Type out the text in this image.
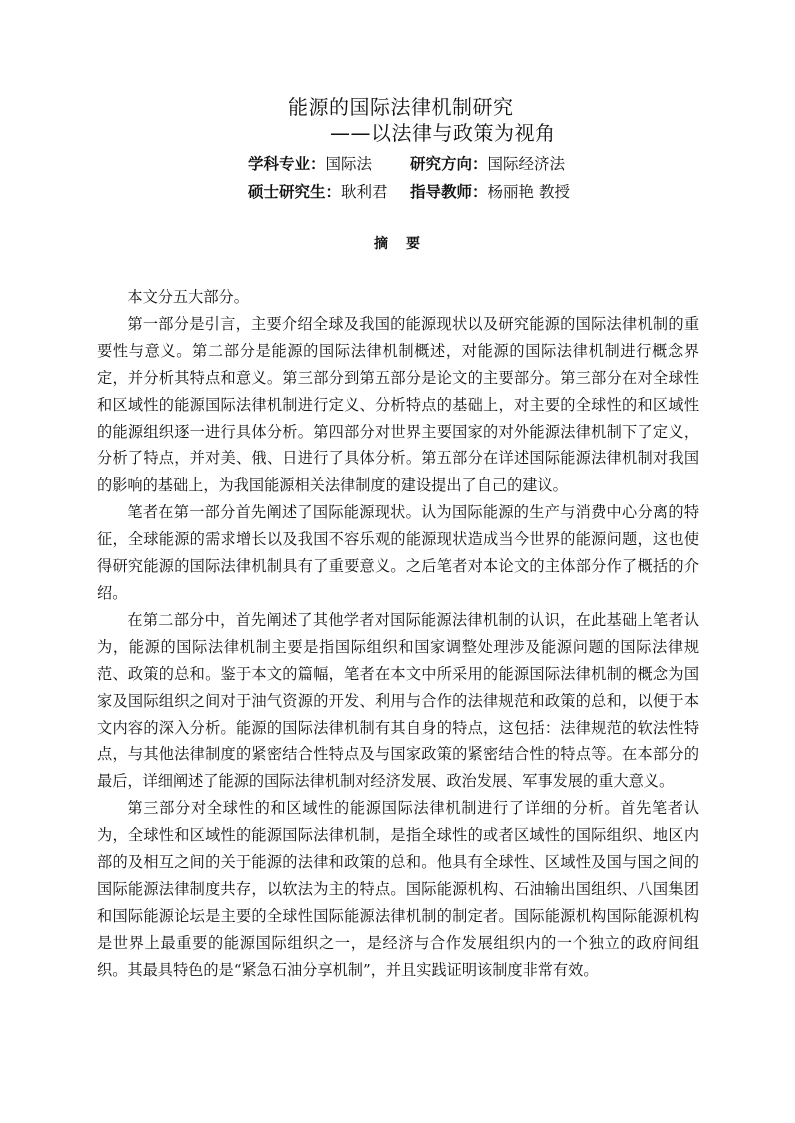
能源的国际法律机制研究
——以法律与政策为视角
学科专业：国际法 研究方向：国际经济法
硕士研究生：耿利君 指导教师：杨丽艳 教授
摘要

本文分五大部分。

第一部分是引言，主要介绍全球及我国的能源现状以及研究能源的国际法律机制的重要性与意义。第二部分是能源的国际法律机制概述，对能源的国际法律机制进行概念界定，并分析其特点和意义。第三部分到第五部分是论文的主要部分。第三部分在对全球性和区域性的能源国际法律机制进行定义、分析特点的基础上，对主要的全球性的和区域性的能源组织逐一进行具体分析。第四部分对世界主要国家的对外能源法律机制下了定义，分析了特点，并对美、俄、日进行了具体分析。第五部分在详述国际能源法律机制对我国的影响的基础上，为我国能源相关法律制度的建设提出了自己的建议。

笔者在第一部分首先阐述了国际能源现状。认为国际能源的生产与消费中心分离的特征，全球能源的需求增长以及我国不容乐观的能源现状造成当今世界的能源问题，这也使得研究能源的国际法律机制具有了重要意义。之后笔者对本论文的主体部分作了概括的介绍。

在第二部分中，首先阐述了其他学者对国际能源法律机制的认识，在此基础上笔者认为，能源的国际法律机制主要是指国际组织和国家调整处理涉及能源问题的国际法律规范、政策的总和。鉴于本文的篇幅，笔者在本文中所采用的能源国际法律机制的概念为国家及国际组织之间对于油气资源的开发、利用与合作的法律规范和政策的总和，以便于本文内容的深入分析。能源的国际法律机制有其自身的特点，这包括：法律规范的软法性特点，与其他法律制度的紧密结合性特点及与国家政策的紧密结合性的特点等。在本部分的最后，详细阐述了能源的国际法律机制对经济发展、政治发展、军事发展的重大意义。

第三部分对全球性的和区域性的能源国际法律机制进行了详细的分析。首先笔者认为，全球性和区域性的能源国际法律机制，是指全球性的或者区域性的国际组织、地区内部的及相互之间的关于能源的法律和政策的总和。他具有全球性、区域性及国与国之间的国际能源法律制度共存，以软法为主的特点。国际能源机构、石油输出国组织、八国集团和国际能源论坛是主要的全球性国际能源法律机制的制定者。国际能源机构国际能源机构是世界上最重要的能源国际组织之一，是经济与合作发展组织内的一个独立的政府间组织。其最具特色的是“紧急石油分享机制”，并且实践证明该制度非常有效。
